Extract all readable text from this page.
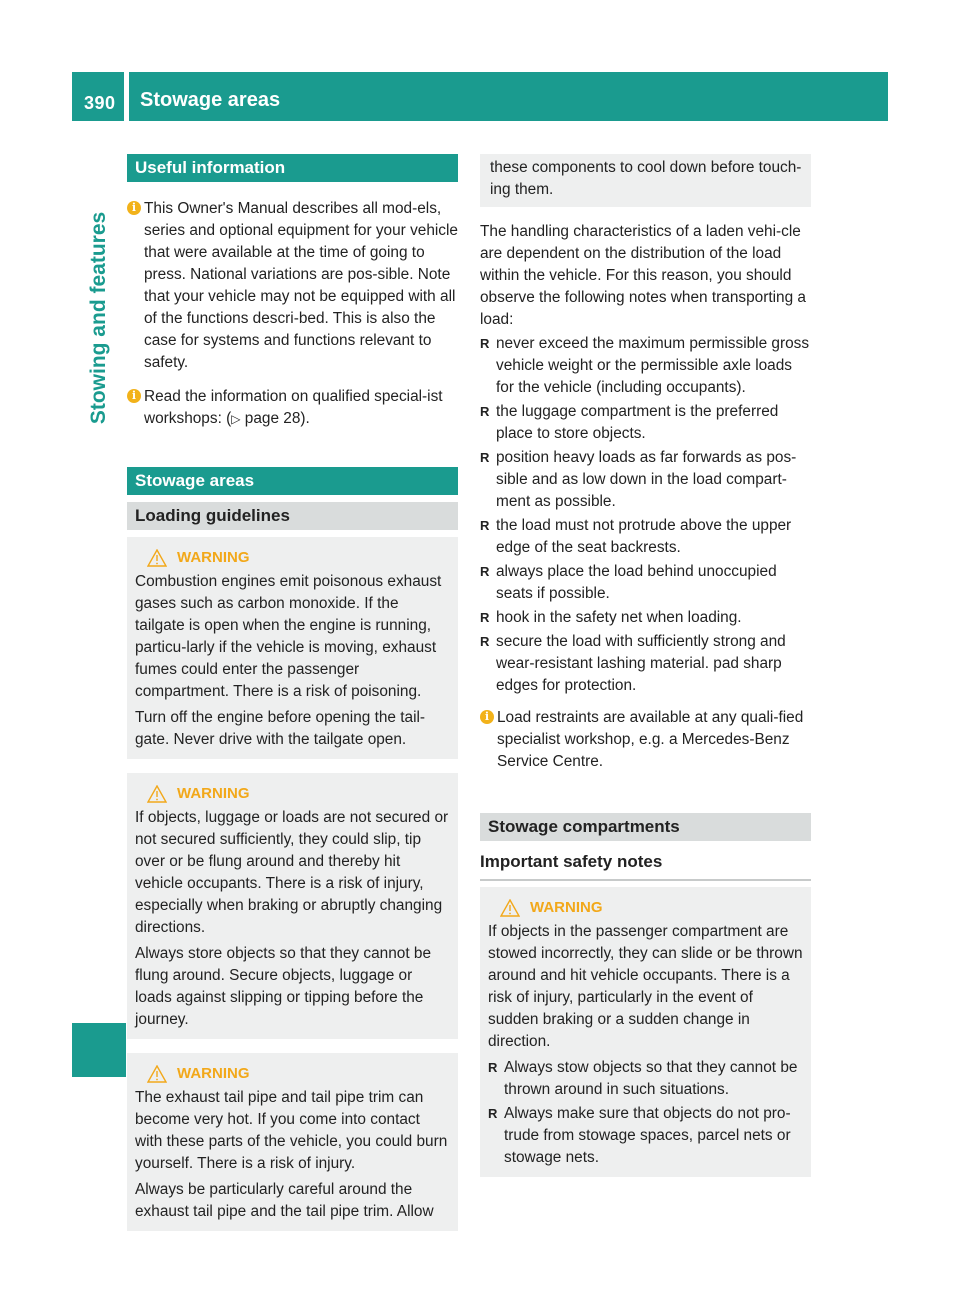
390 Stowage areas
Stowing and features
Useful information
i This Owner's Manual describes all mod-els, series and optional equipment for your vehicle that were available at the time of going to press. National variations are pos-sible. Note that your vehicle may not be equipped with all of the functions descri-bed. This is also the case for systems and functions relevant to safety.

i Read the information on qualified special-ist workshops: (▷ page 28).

Stowage areas
Loading guidelines
WARNING

Combustion engines emit poisonous exhaust gases such as carbon monoxide. If the tailgate is open when the engine is running, particu-larly if the vehicle is moving, exhaust fumes could enter the passenger compartment. There is a risk of poisoning.

Turn off the engine before opening the tail-gate. Never drive with the tailgate open.

WARNING

If objects, luggage or loads are not secured or not secured sufficiently, they could slip, tip over or be flung around and thereby hit vehicle occupants. There is a risk of injury, especially when braking or abruptly changing directions.

Always store objects so that they cannot be flung around. Secure objects, luggage or loads against slipping or tipping before the journey.

WARNING

The exhaust tail pipe and tail pipe trim can become very hot. If you come into contact with these parts of the vehicle, you could burn yourself. There is a risk of injury.

Always be particularly careful around the exhaust tail pipe and the tail pipe trim. Allow

these components to cool down before touch-ing them.

The handling characteristics of a laden vehi-cle are dependent on the distribution of the load within the vehicle. For this reason, you should observe the following notes when transporting a load:

R never exceed the maximum permissible gross vehicle weight or the permissible axle loads for the vehicle (including occupants).
R the luggage compartment is the preferred place to store objects.
R position heavy loads as far forwards as pos-sible and as low down in the load compart-ment as possible.
R the load must not protrude above the upper edge of the seat backrests.
R always place the load behind unoccupied seats if possible.
R hook in the safety net when loading.
R secure the load with sufficiently strong and wear-resistant lashing material. pad sharp edges for protection.
i Load restraints are available at any quali-fied specialist workshop, e.g. a Mercedes-Benz Service Centre.

Stowage compartments
Important safety notes
WARNING

If objects in the passenger compartment are stowed incorrectly, they can slide or be thrown around and hit vehicle occupants. There is a risk of injury, particularly in the event of sudden braking or a sudden change in direction.

R Always stow objects so that they cannot be thrown around in such situations.
R Always make sure that objects do not pro-trude from stowage spaces, parcel nets or stowage nets.
